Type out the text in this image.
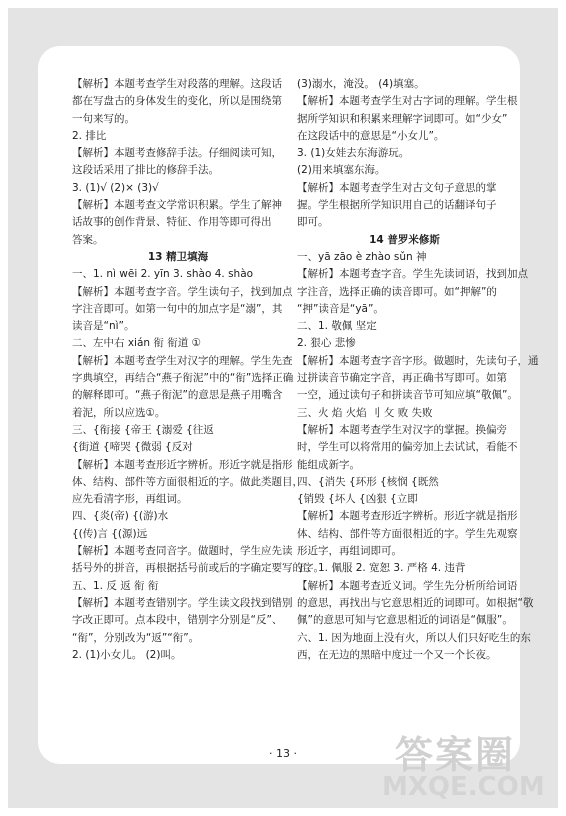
【解析】本题考查学生对段落的理解。这段话
都在写盘古的身体发生的变化，所以是围绕第
一句来写的。
2. 排比
【解析】本题考查修辞手法。仔细阅读可知，
这段话采用了排比的修辞手法。
3. (1)√ (2)× (3)√
【解析】本题考查文学常识积累。学生了解神
话故事的创作背景、特征、作用等即可得出
答案。
13 精卫填海
一、1. nì wēi 2. yīn 3. shào 4. shào
【解析】本题考查字音。学生读句子，找到加点
字注音即可。如第一句中的加点字是“溺”，其
读音是“nì”。
二、左中右 xián 衔 衔道 ①
【解析】本题考查学生对汉字的理解。学生先查
字典填空，再结合“燕子衔泥”中的“衔”选择正确
的解释即可。“燕子衔泥”的意思是燕子用嘴含
着泥，所以应选①。
三、{衔接 {帝王 {溺爱 {往返
{街道 {啼哭 {微弱 {反对
【解析】本题考查形近字辨析。形近字就是指形
体、结构、部件等方面很相近的字。做此类题目，
应先看清字形，再组词。
四、{炎(帝) {(游)水
{(传)言 {(源)远
【解析】本题考查同音字。做题时，学生应先读
括号外的拼音，再根据括号前或后的字确定要写的字。
五、1. 反 返 衔 衔
【解析】本题考查错别字。学生读文段找到错别
字改正即可。点本段中，错别字分别是“反”、
“衔”，分别改为“返”“衔”。
2. (1)小女儿。 (2)叫。
(3)溺水，淹没。 (4)填塞。
【解析】本题考查学生对古字词的理解。学生根
据所学知识和积累来理解字词即可。如“少女”
在这段话中的意思是“小女儿”。
3. (1)女娃去东海游玩。
(2)用来填塞东海。
【解析】本题考查学生对古文句子意思的掌
握。学生根据所学知识用自己的话翻译句子
即可。
14 普罗米修斯
一、yā zāo è zhào sǔn 神
【解析】本题考查字音。学生先读词语，找到加点
字注音，选择正确的读音即可。如“押解”的
“押”读音是“yā”。
二、1. 敬佩 坚定
2. 狠心 悲惨
【解析】本题考查字音字形。做题时，先读句子，通
过拼读音节确定字音，再正确书写即可。如第
一空，通过读句子和拼读音节可知应填“敬佩”。
三、火 焰 火焰 刂 攵 败 失败
【解析】本题考查学生对汉字的掌握。换偏旁
时，学生可以将常用的偏旁加上去试试，看能不
能组成新字。
四、{消失 {环形 {核悯 {既然
{销毁 {坏人 {凶狠 {立即
【解析】本题考查形近字辨析。形近字就是指形
体、结构、部件等方面很相近的字。学生先观察
形近字，再组词即可。
五、1. 佩服 2. 宽恕 3. 严格 4. 违背
【解析】本题考查近义词。学生先分析所给词语
的意思，再找出与它意思相近的词即可。如根据“敬
佩”的意思可知与它意思相近的词语是“佩服”。
六、1. 因为地面上没有火，所以人们只好吃生的东
西，在无边的黑暗中度过一个又一个长夜。
· 13 ·	答案圈
MXQE.COM
